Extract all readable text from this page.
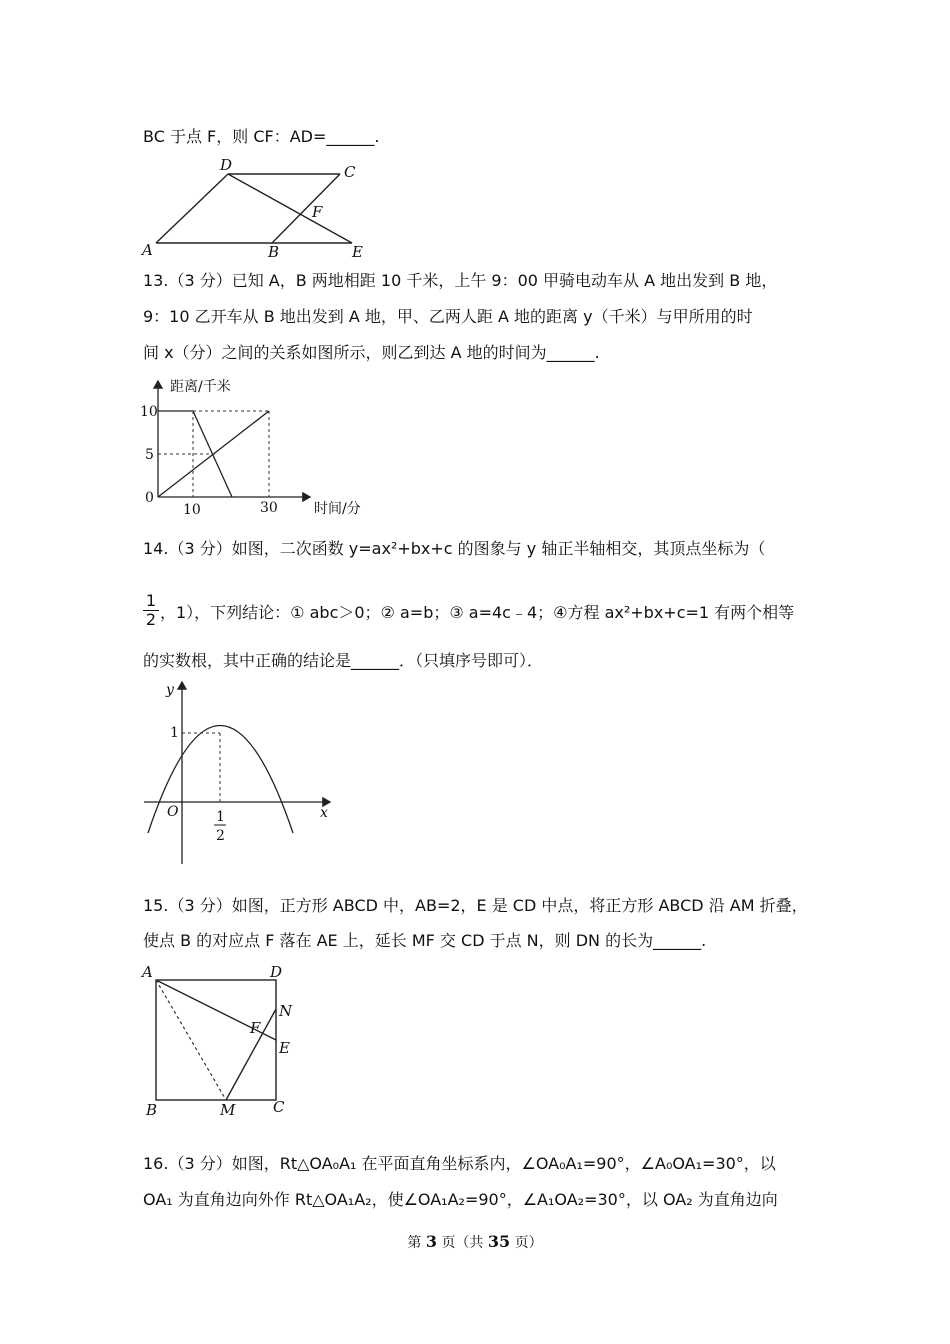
BC 于点 F，则 CF：AD=______.
D	C
F
A	B	E
13.（3 分）已知 A，B 两地相距 10 千米，上午 9：00 甲骑电动车从 A 地出发到 B 地，
9：10 乙开车从 B 地出发到 A 地，甲、乙两人距 A 地的距离 y（千米）与甲所用的时
间 x（分）之间的关系如图所示，则乙到达 A 地的时间为______.
距离/千米
时间/分
10
5
0
10	30
14.（3 分）如图，二次函数 y=ax²+bx+c 的图象与 y 轴正半轴相交，其顶点坐标为（
$\frac{1}{2}$ ，1），下列结论：① abc＞0；② a=b；③ a=4c﹣4；④方程 ax²+bx+c=1 有两个相等
的实数根，其中正确的结论是______．（只填序号即可）．
y
x
O
1
1
2
15.（3 分）如图，正方形 ABCD 中，AB=2，E 是 CD 中点，将正方形 ABCD 沿 AM 折叠，
使点 B 的对应点 F 落在 AE 上，延长 MF 交 CD 于点 N，则 DN 的长为______.
A	D
N
F
E
B	M	C
16.（3 分）如图，Rt△OA₀A₁ 在平面直角坐标系内，∠OA₀A₁=90°，∠A₀OA₁=30°，以
OA₁ 为直角边向外作 Rt△OA₁A₂，使∠OA₁A₂=90°，∠A₁OA₂=30°，以 OA₂ 为直角边向
第 3 页（共 35 页）
